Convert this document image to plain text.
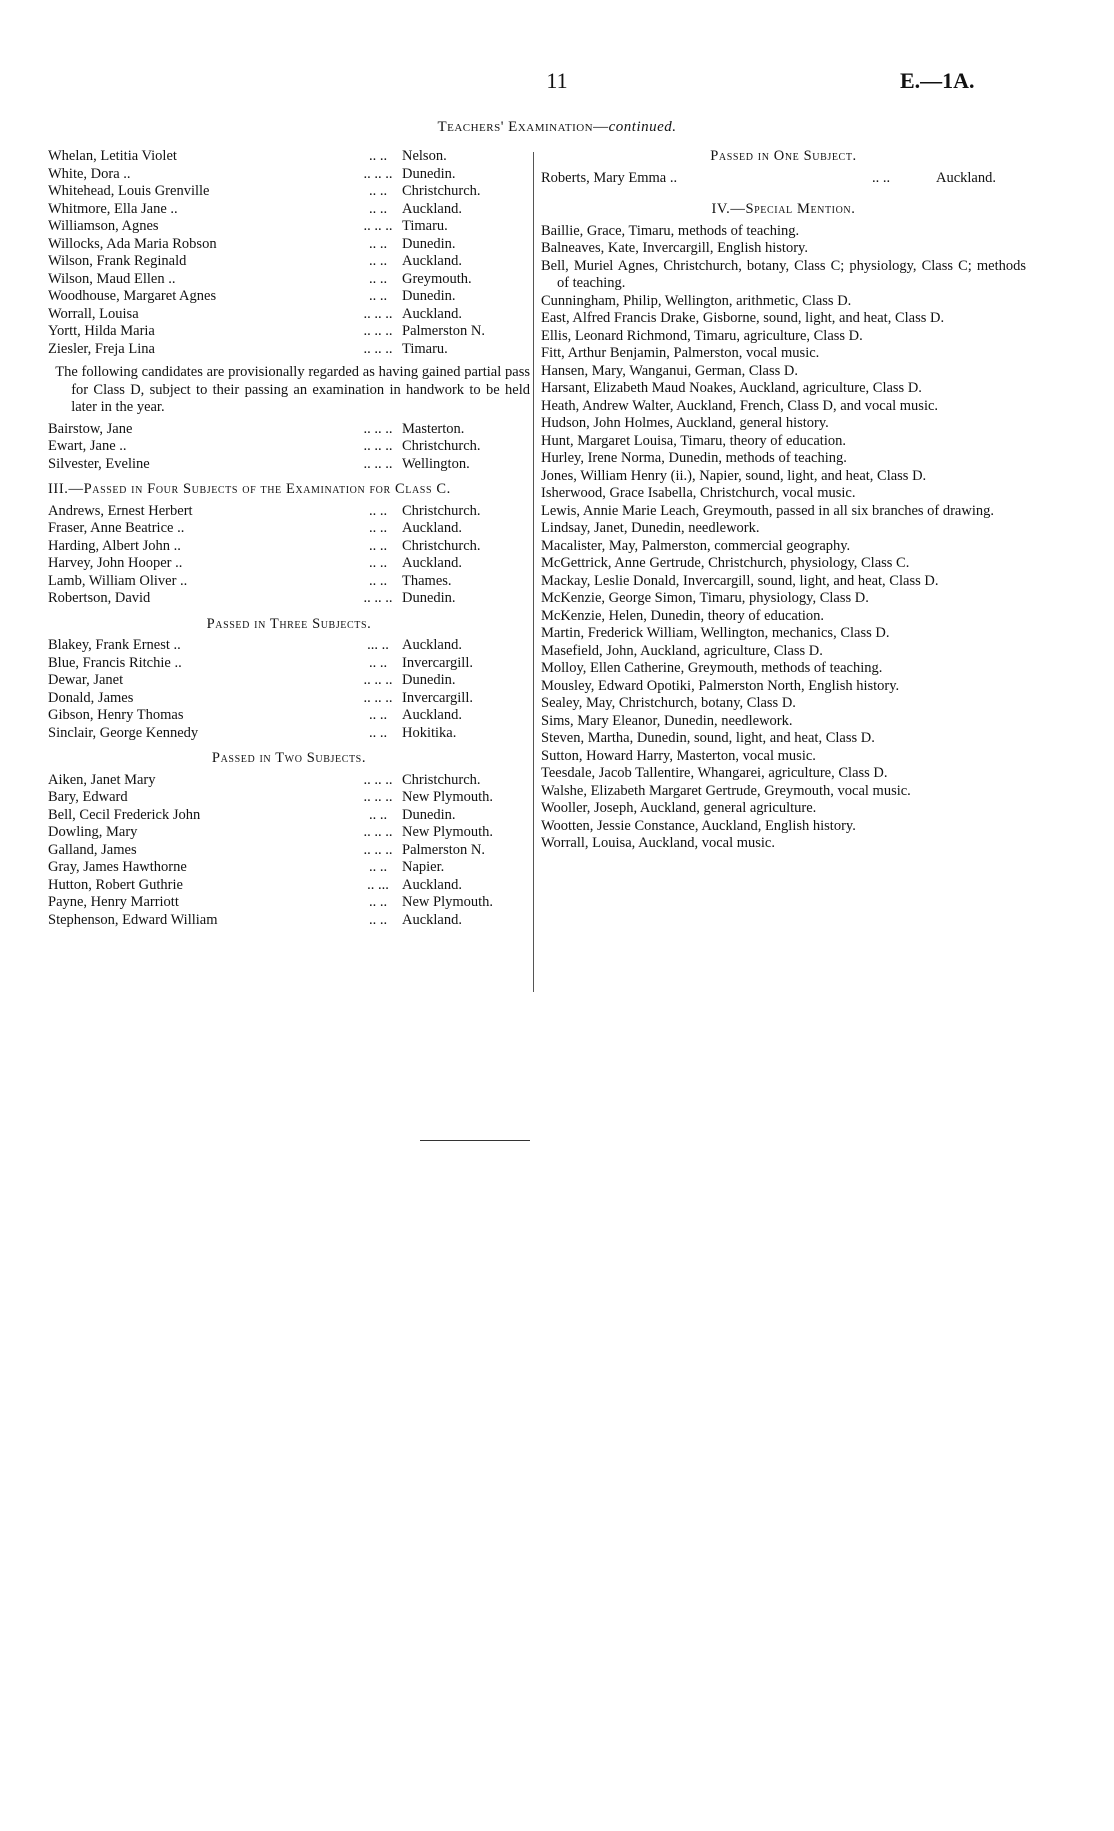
11	E.—1A.
Teachers' Examination—continued.
Whelan, Letitia Violet	.. ..	Nelson.
White, Dora ..	.. .. .. Dunedin.
Whitehead, Louis Grenville	.. ..	Christchurch.
Whitmore, Ella Jane ..	.. ..	Auckland.
Williamson, Agnes	.. .. .. Timaru.
Willocks, Ada Maria Robson	.. ..	Dunedin.
Wilson, Frank Reginald	.. ..	Auckland.
Wilson, Maud Ellen ..	.. ..	Greymouth.
Woodhouse, Margaret Agnes	.. ..	Dunedin.
Worrall, Louisa	.. .. .. Auckland.
Yortt, Hilda Maria	.. .. .. Palmerston N.
Ziesler, Freja Lina	.. .. .. Timaru.
The following candidates are provisionally regarded as having gained partial pass for Class D, subject to their passing an examination in handwork to be held later in the year.
Bairstow, Jane	.. .. .. Masterton.
Ewart, Jane ..	.. .. .. Christchurch.
Silvester, Eveline	.. .. .. Wellington.
III.—Passed in Four Subjects of the Examination for Class C.
Andrews, Ernest Herbert	.. ..	Christchurch.
Fraser, Anne Beatrice ..	.. ..	Auckland.
Harding, Albert John ..	.. ..	Christchurch.
Harvey, John Hooper ..	.. ..	Auckland.
Lamb, William Oliver ..	.. ..	Thames.
Robertson, David	.. .. .. Dunedin.
Passed in Three Subjects.
Blakey, Frank Ernest ..	... .. Auckland.
Blue, Francis Ritchie ..	.. ..	Invercargill.
Dewar, Janet	.. .. .. Dunedin.
Donald, James	.. .. .. Invercargill.
Gibson, Henry Thomas	.. ..	Auckland.
Sinclair, George Kennedy	.. ..	Hokitika.
Passed in Two Subjects.
Aiken, Janet Mary	.. .. .. Christchurch.
Bary, Edward	.. .. .. New Plymouth.
Bell, Cecil Frederick John	.. ..	Dunedin.
Dowling, Mary	.. .. .. New Plymouth.
Galland, James	.. .. .. Palmerston N.
Gray, James Hawthorne	.. ..	Napier.
Hutton, Robert Guthrie	.. ... Auckland.
Payne, Henry Marriott	.. ..	New Plymouth.
Stephenson, Edward William	.. ..	Auckland.
Passed in One Subject.
Roberts, Mary Emma ..	.. ..	Auckland.
IV.—Special Mention.
Baillie, Grace, Timaru, methods of teaching.
Balneaves, Kate, Invercargill, English history.
Bell, Muriel Agnes, Christchurch, botany, Class C; physiology, Class C; methods of teaching.
Cunningham, Philip, Wellington, arithmetic, Class D.
East, Alfred Francis Drake, Gisborne, sound, light, and heat, Class D.
Ellis, Leonard Richmond, Timaru, agriculture, Class D.
Fitt, Arthur Benjamin, Palmerston, vocal music.
Hansen, Mary, Wanganui, German, Class D.
Harsant, Elizabeth Maud Noakes, Auckland, agriculture, Class D.
Heath, Andrew Walter, Auckland, French, Class D, and vocal music.
Hudson, John Holmes, Auckland, general history.
Hunt, Margaret Louisa, Timaru, theory of education.
Hurley, Irene Norma, Dunedin, methods of teaching.
Jones, William Henry (ii.), Napier, sound, light, and heat, Class D.
Isherwood, Grace Isabella, Christchurch, vocal music.
Lewis, Annie Marie Leach, Greymouth, passed in all six branches of drawing.
Lindsay, Janet, Dunedin, needlework.
Macalister, May, Palmerston, commercial geography.
McGettrick, Anne Gertrude, Christchurch, physiology, Class C.
Mackay, Leslie Donald, Invercargill, sound, light, and heat, Class D.
McKenzie, George Simon, Timaru, physiology, Class D.
McKenzie, Helen, Dunedin, theory of education.
Martin, Frederick William, Wellington, mechanics, Class D.
Masefield, John, Auckland, agriculture, Class D.
Molloy, Ellen Catherine, Greymouth, methods of teaching.
Mousley, Edward Opotiki, Palmerston North, English history.
Sealey, May, Christchurch, botany, Class D.
Sims, Mary Eleanor, Dunedin, needlework.
Steven, Martha, Dunedin, sound, light, and heat, Class D.
Sutton, Howard Harry, Masterton, vocal music.
Teesdale, Jacob Tallentire, Whangarei, agriculture, Class D.
Walshe, Elizabeth Margaret Gertrude, Greymouth, vocal music.
Wooller, Joseph, Auckland, general agriculture.
Wootten, Jessie Constance, Auckland, English history.
Worrall, Louisa, Auckland, vocal music.
